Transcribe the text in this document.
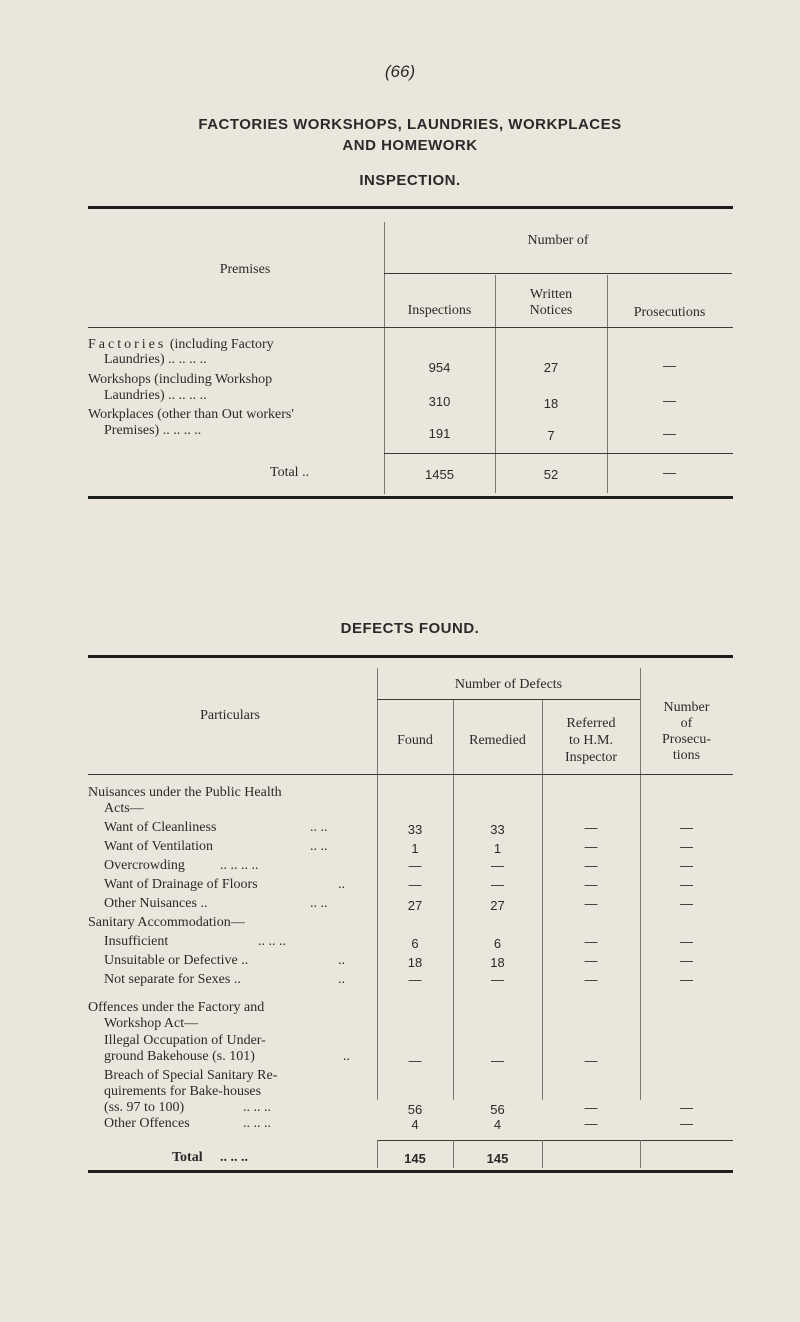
(66)
FACTORIES WORKSHOPS, LAUNDRIES, WORKPLACES
AND HOMEWORK
INSPECTION.
Premises
Number of
Inspections
Written
Notices	Prosecutions
Factories (including Factory
Laundries) .. .. .. ..
954	27	—
Workshops (including Workshop
Laundries) .. .. .. ..	310	18	—
Workplaces (other than Out workers'
Premises) .. .. .. ..	191	7	—
Total ..	1455	52	—
DEFECTS FOUND.
Particulars
Number of Defects
Found	Remedied
Referred
to H.M.
Inspector
Number
of
Prosecu-
tions
Nuisances under the Public Health
Acts—
Want of Cleanliness	.. ..	33	33	—	—
Want of Ventilation	.. ..	1	1	—	—
Overcrowding	.. .. .. ..	—	—	—	—
Want of Drainage of Floors	..	—	—	—	—
Other Nuisances ..	.. ..	27	27	—	—
Sanitary Accommodation—
Insufficient	.. .. ..	6	6	—	—
Unsuitable or Defective ..	..	18	18	—	—
Not separate for Sexes ..	..	—	—	—	—
Offences under the Factory and
Workshop Act—
Illegal Occupation of Under-
ground Bakehouse (s. 101)	..	—	—	—
Breach of Special Sanitary Re-
quirements for Bake-houses
(ss. 97 to 100)	.. .. ..	56	56	—	—
Other Offences	.. .. ..	4	4	—	—
Total .. .. ..	145	145
